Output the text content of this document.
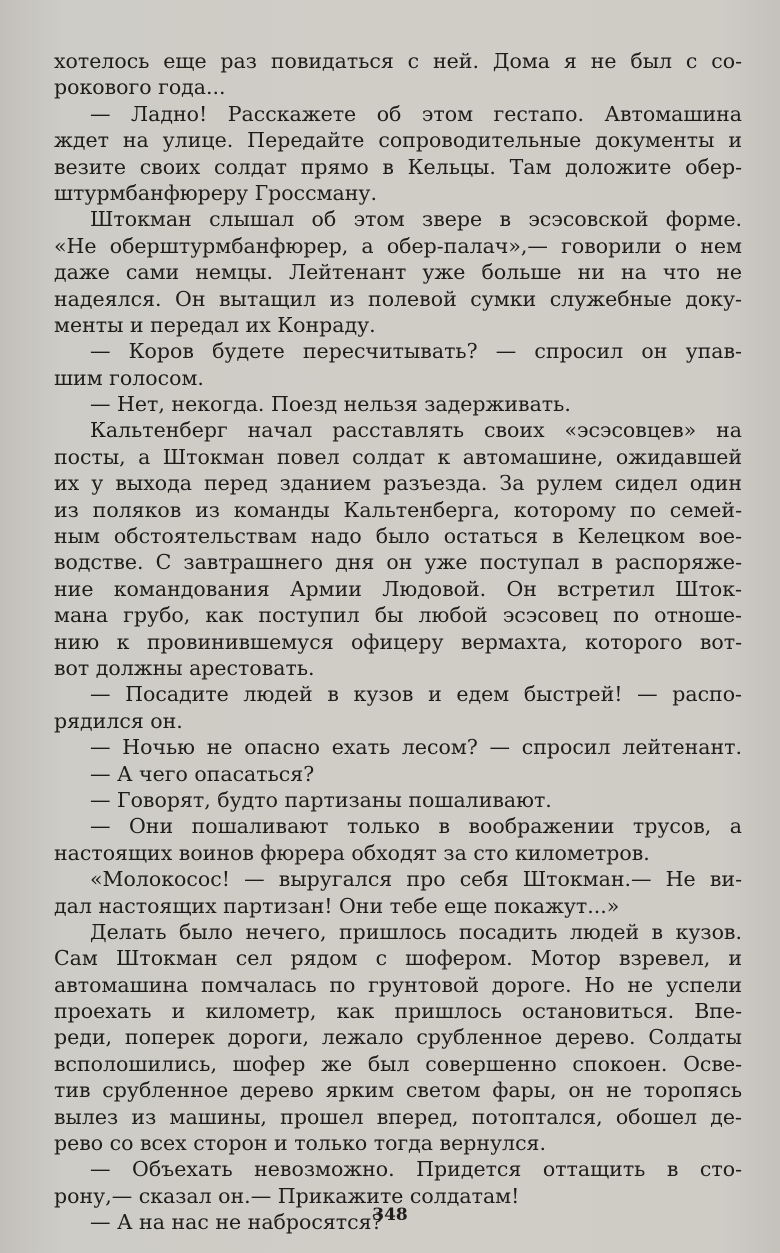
хотелось еще раз повидаться с ней. Дома я не был с со-
рокового года...
— Ладно! Расскажете об этом гестапо. Автомашина
ждет на улице. Передайте сопроводительные документы и
везите своих солдат прямо в Кельцы. Там доложите обер-
штурмбанфюреру Гроссману.
Штокман слышал об этом звере в эсэсовской форме.
«Не оберштурмбанфюрер, а обер-палач»,— говорили о нем
даже сами немцы. Лейтенант уже больше ни на что не
надеялся. Он вытащил из полевой сумки служебные доку-
менты и передал их Конраду.
— Коров будете пересчитывать? — спросил он упав-
шим голосом.
— Нет, некогда. Поезд нельзя задерживать.
Кальтенберг начал расставлять своих «эсэсовцев» на
посты, а Штокман повел солдат к автомашине, ожидавшей
их у выхода перед зданием разъезда. За рулем сидел один
из поляков из команды Кальтенберга, которому по семей-
ным обстоятельствам надо было остаться в Келецком вое-
водстве. С завтрашнего дня он уже поступал в распоряже-
ние командования Армии Людовой. Он встретил Шток-
мана грубо, как поступил бы любой эсэсовец по отноше-
нию к провинившемуся офицеру вермахта, которого вот-
вот должны арестовать.
— Посадите людей в кузов и едем быстрей! — распо-
рядился он.
— Ночью не опасно ехать лесом? — спросил лейтенант.
— А чего опасаться?
— Говорят, будто партизаны пошаливают.
— Они пошаливают только в воображении трусов, а
настоящих воинов фюрера обходят за сто километров.
«Молокосос! — выругался про себя Штокман.— Не ви-
дал настоящих партизан! Они тебе еще покажут...»
Делать было нечего, пришлось посадить людей в кузов.
Сам Штокман сел рядом с шофером. Мотор взревел, и
автомашина помчалась по грунтовой дороге. Но не успели
проехать и километр, как пришлось остановиться. Впе-
реди, поперек дороги, лежало срубленное дерево. Солдаты
всполошились, шофер же был совершенно спокоен. Осве-
тив срубленное дерево ярким светом фары, он не торопясь
вылез из машины, прошел вперед, потоптался, обошел де-
рево со всех сторон и только тогда вернулся.
— Объехать невозможно. Придется оттащить в сто-
рону,— сказал он.— Прикажите солдатам!
— А на нас не набросятся?
348
